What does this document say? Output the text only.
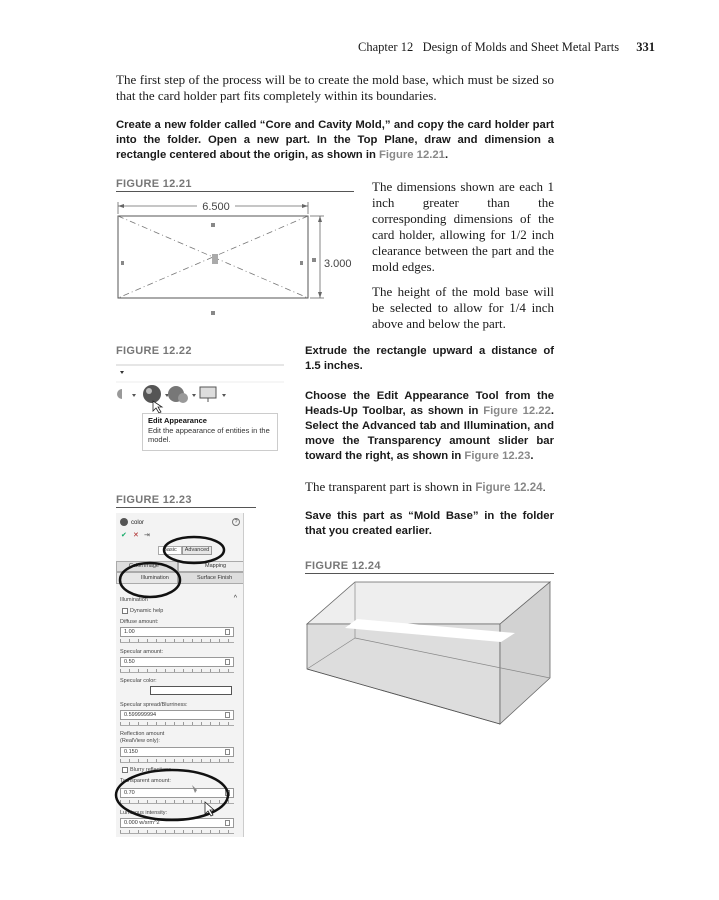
Chapter 12 Design of Molds and Sheet Metal Parts 331

The first step of the process will be to create the mold base, which must be sized so that the card holder part fits completely within its boundaries.

Create a new folder called “Core and Cavity Mold,” and copy the card holder part into the folder. Open a new part. In the Top Plane, draw and dimension a rectangle centered about the origin, as shown in Figure 12.21.

FIGURE 12.21
6.500
3.000

The dimensions shown are each 1 inch greater than the corresponding dimensions of the card holder, allowing for 1/2 inch clearance between the part and the mold edges.

The height of the mold base will be selected to allow for 1/4 inch above and below the part.

FIGURE 12.22
Edit Appearance
Edit the appearance of entities in the model.

Extrude the rectangle upward a distance of 1.5 inches.

Choose the Edit Appearance Tool from the Heads-Up Toolbar, as shown in Figure 12.22. Select the Advanced tab and Illumination, and move the Transparency amount slider bar toward the right, as shown in Figure 12.23.

The transparent part is shown in Figure 12.24.

Save this part as “Mold Base” in the folder that you created earlier.

FIGURE 12.23
color	?
✔ ✕ ⇥
Basic	Advanced
Color/Image	Mapping
Illumination	Surface Finish
Illumination	^
Dynamic help
Diffuse amount:
1.00
Specular amount:
0.50
Specular color:
Specular spread/Blurriness:
0.599999994
Reflection amount (RealView only):
0.150
Blurry reflections
Transparent amount:
0.70
Luminous intensity:
0.000 w/srm^2
FIGURE 12.24
